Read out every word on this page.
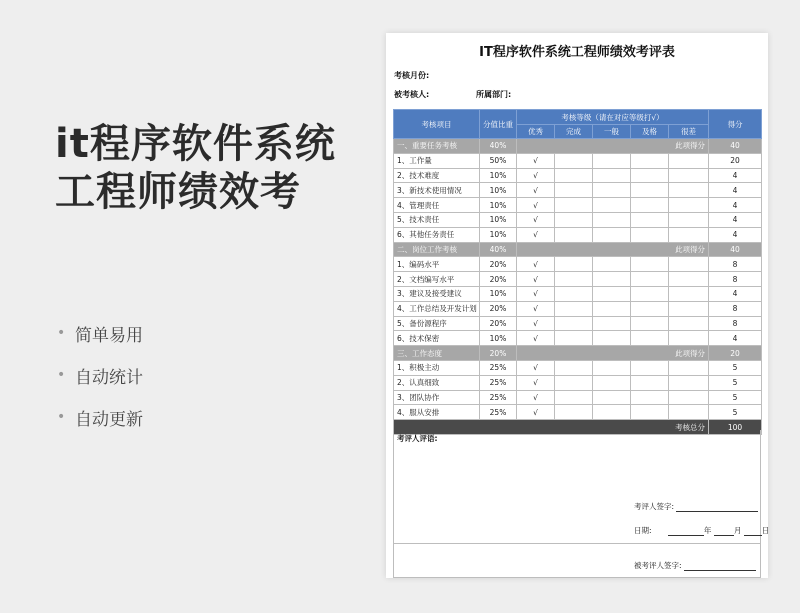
it程序软件系统
工程师绩效考
• 简单易用
• 自动统计
• 自动更新
IT程序软件系统工程师绩效考评表
考核月份:
被考核人:	所属部门:
考核项目	分值比重	考核等级（请在对应等级打√）					得分
		优秀	完成	一般	及格	很差	
一、重要任务考核	40%	此项得分					40
1、工作量	50%	√					20
2、技术难度	10%	√					4
3、新技术使用情况	10%	√					4
4、管理责任	10%	√					4
5、技术责任	10%	√					4
6、其他任务责任	10%	√					4
二、岗位工作考核	40%	此项得分					40
1、编码水平	20%	√					8
2、文档编写水平	20%	√					8
3、建议及接受建议	10%	√					4
4、工作总结及开发计划	20%	√					8
5、备份源程序	20%	√					8
6、技术保密	10%	√					4
三、工作态度	20%	此项得分					20
1、积极主动	25%	√					5
2、认真细致	25%	√					5
3、团队协作	25%	√					5
4、服从安排	25%	√					5
考核总分							100
考评人评语:
考评人签字:
日期:	年	月	日
被考评人签字:
